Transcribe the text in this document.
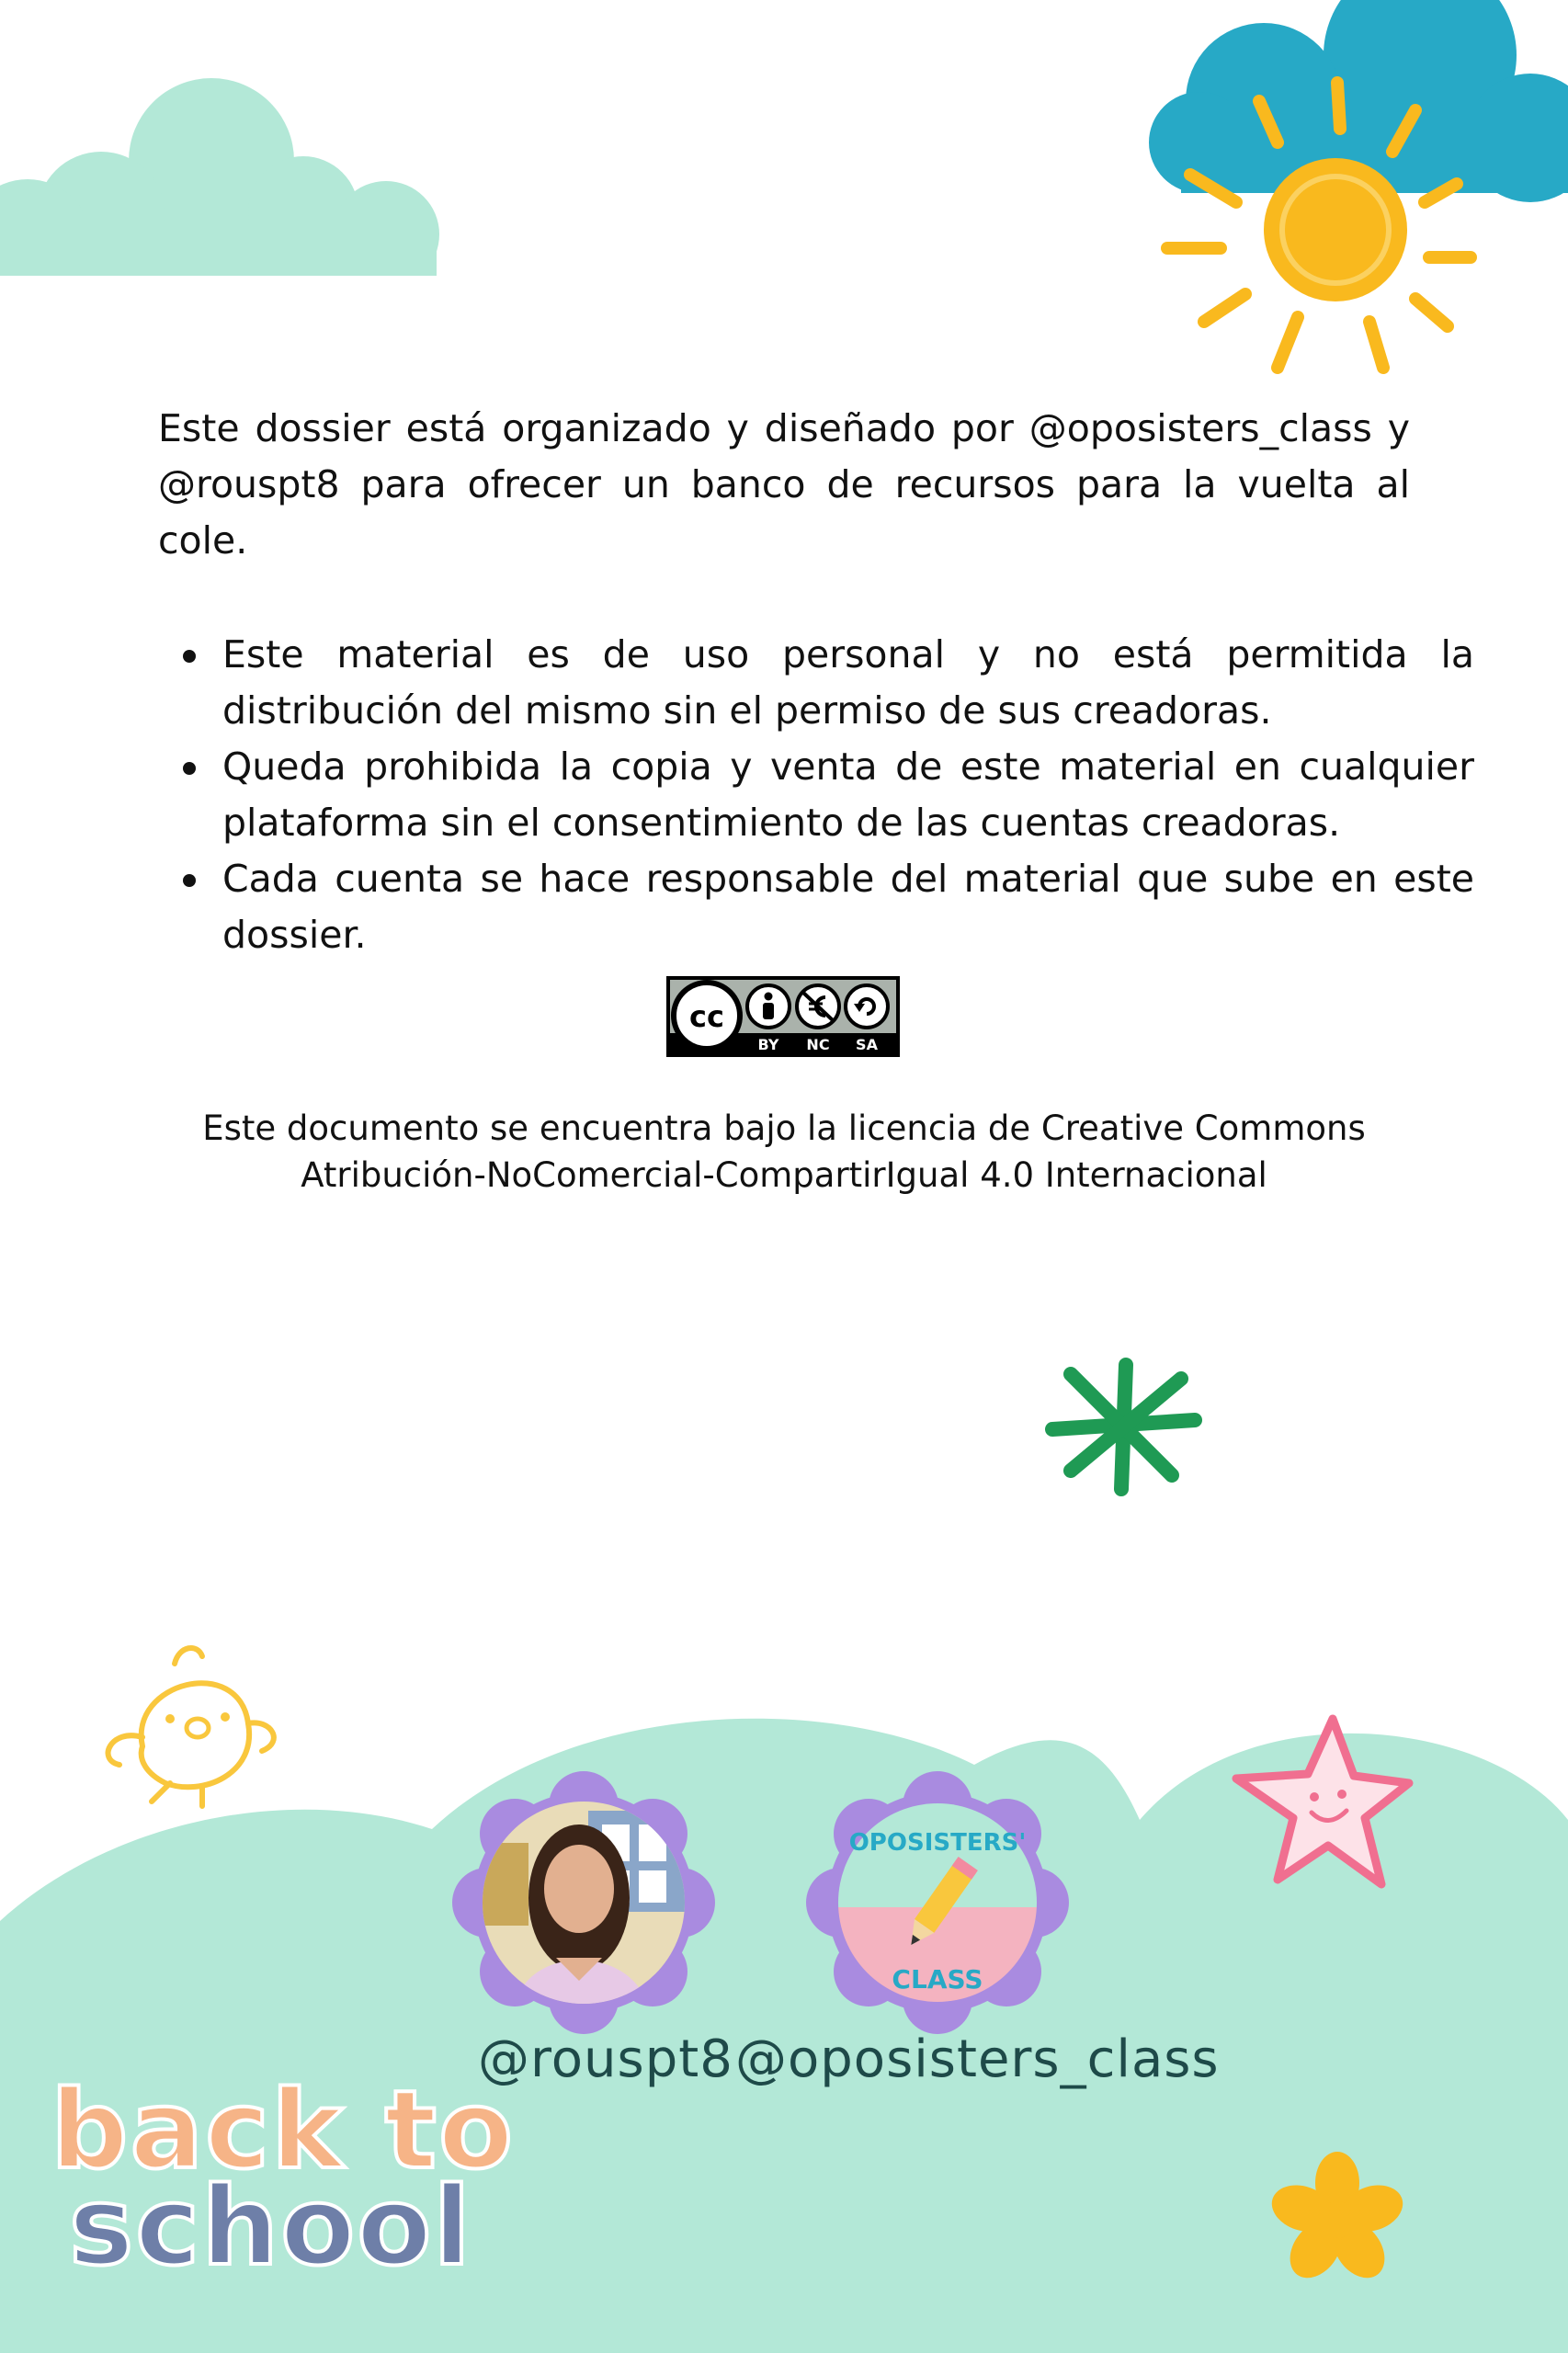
Este dossier está organizado y diseñado por @oposisters_class y @rouspt8 para ofrecer un banco de recursos para la vuelta al cole.

Este material es de uso personal y no está permitida la distribución del mismo sin el permiso de sus creadoras.
Queda prohibida la copia y venta de este material en cualquier plataforma sin el consentimiento de las cuentas creadoras.
Cada cuenta se hace responsable del material que sube en este dossier.
cc
BY NC SA
Este documento se encuentra bajo la licencia de Creative Commons
Atribución-NoComercial-CompartirIgual 4.0 Internacional
OPOSISTERS'
CLASS
@rouspt8 @oposisters_class
back to
school
